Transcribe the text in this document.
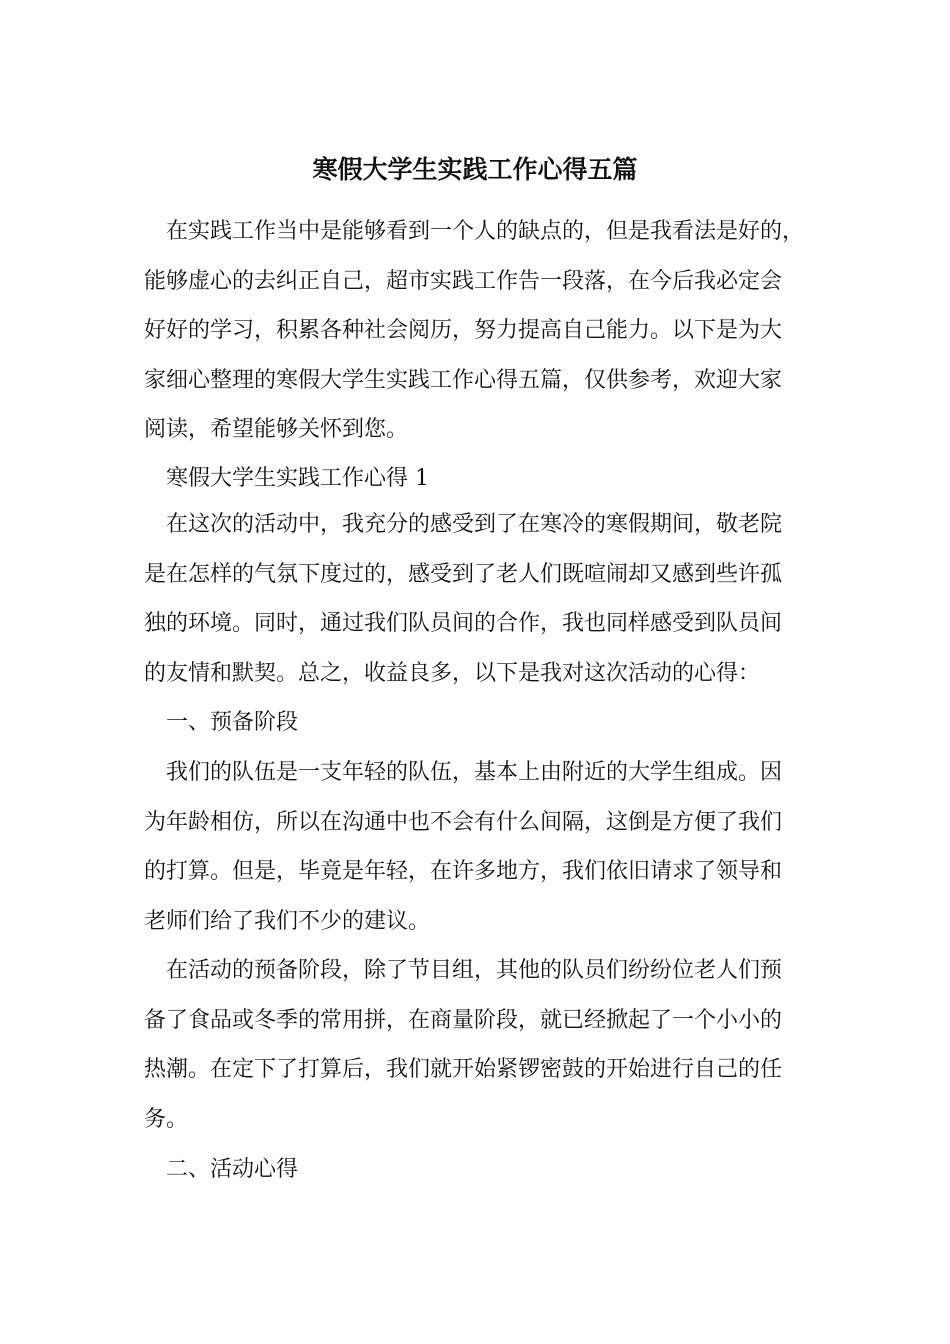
寒假大学生实践工作心得五篇
在实践工作当中是能够看到一个人的缺点的，但是我看法是好的，
能够虚心的去纠正自己，超市实践工作告一段落，在今后我必定会
好好的学习，积累各种社会阅历，努力提高自己能力。以下是为大
家细心整理的寒假大学生实践工作心得五篇，仅供参考，欢迎大家
阅读，希望能够关怀到您。
寒假大学生实践工作心得 1
在这次的活动中，我充分的感受到了在寒冷的寒假期间，敬老院
是在怎样的气氛下度过的，感受到了老人们既喧闹却又感到些许孤
独的环境。同时，通过我们队员间的合作，我也同样感受到队员间
的友情和默契。总之，收益良多，以下是我对这次活动的心得：
一、预备阶段
我们的队伍是一支年轻的队伍，基本上由附近的大学生组成。因
为年龄相仿，所以在沟通中也不会有什么间隔，这倒是方便了我们
的打算。但是，毕竟是年轻，在许多地方，我们依旧请求了领导和
老师们给了我们不少的建议。
在活动的预备阶段，除了节目组，其他的队员们纷纷位老人们预
备了食品或冬季的常用拼，在商量阶段，就已经掀起了一个小小的
热潮。在定下了打算后，我们就开始紧锣密鼓的开始进行自己的任
务。
二、活动心得
